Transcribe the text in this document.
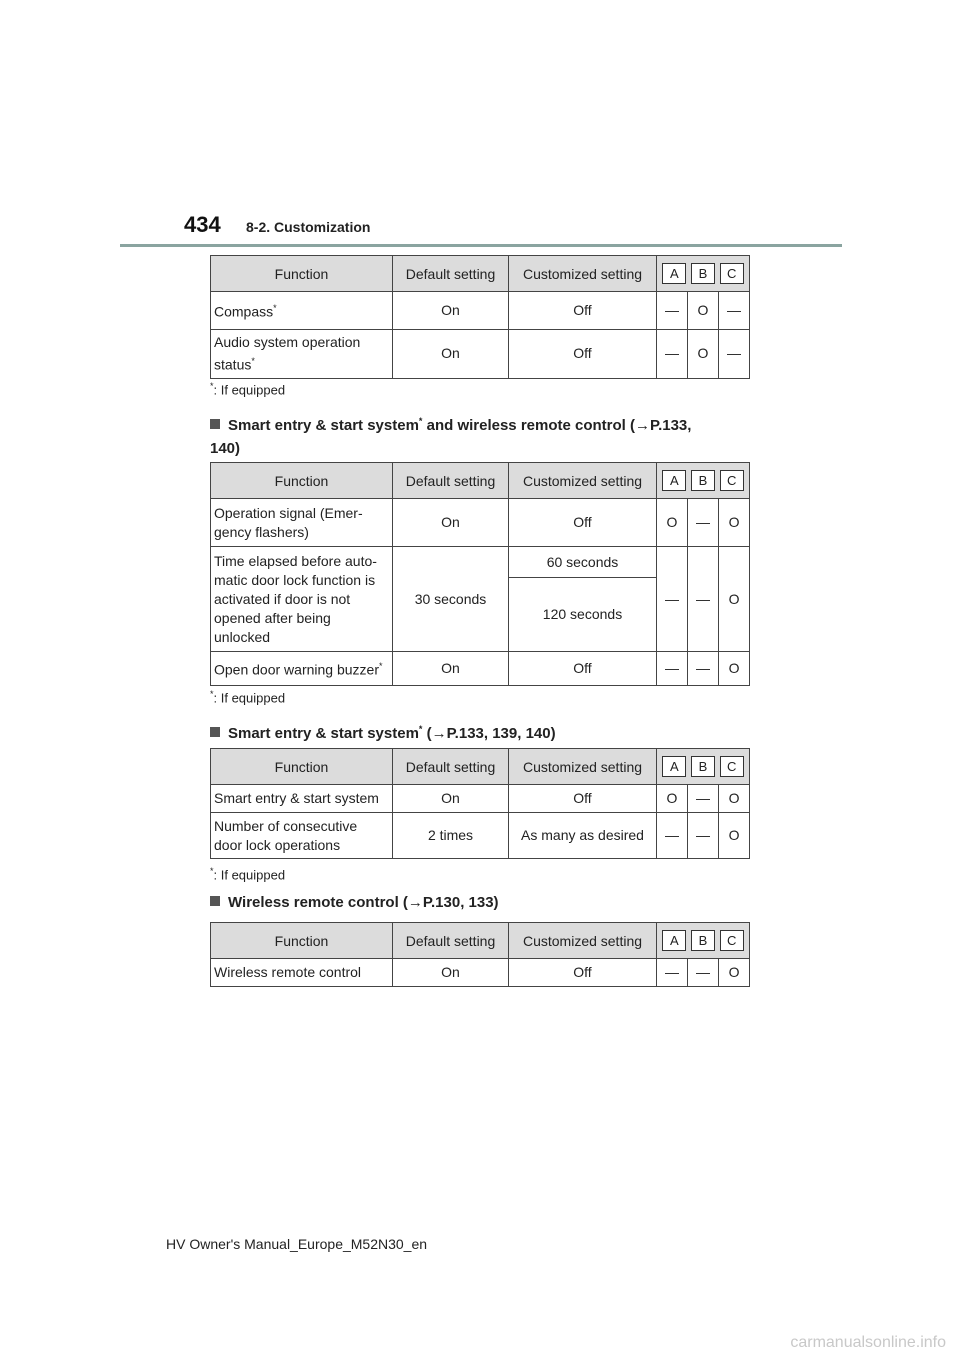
434 8-2. Customization
Function	Default setting	Customized setting	A B C		

Compass*	On	Off	—	O	—
Audio system operation
status*	On	Off	—	O	—
*: If equipped
Smart entry & start system* and wireless remote control (→P.133,
140)
Function	Default setting	Customized setting	A B C		

Operation signal (Emer-
gency flashers)	On	Off	O	—	O
Time elapsed before auto-
matic door lock function is
activated if door is not
opened after being
unlocked	30 seconds	60 seconds	—	—	O
		120 seconds			
Open door warning buzzer*	On	Off	—	—	O
*: If equipped
Smart entry & start system* (→P.133, 139, 140)
Function	Default setting	Customized setting	A B C		

Smart entry & start system	On	Off	O	—	O
Number of consecutive
door lock operations	2 times	As many as desired	—	—	O
*: If equipped
Wireless remote control (→P.130, 133)
Function	Default setting	Customized setting	A B C		

Wireless remote control	On	Off	—	—	O
HV Owner's Manual_Europe_M52N30_en
carmanualsonline.info
